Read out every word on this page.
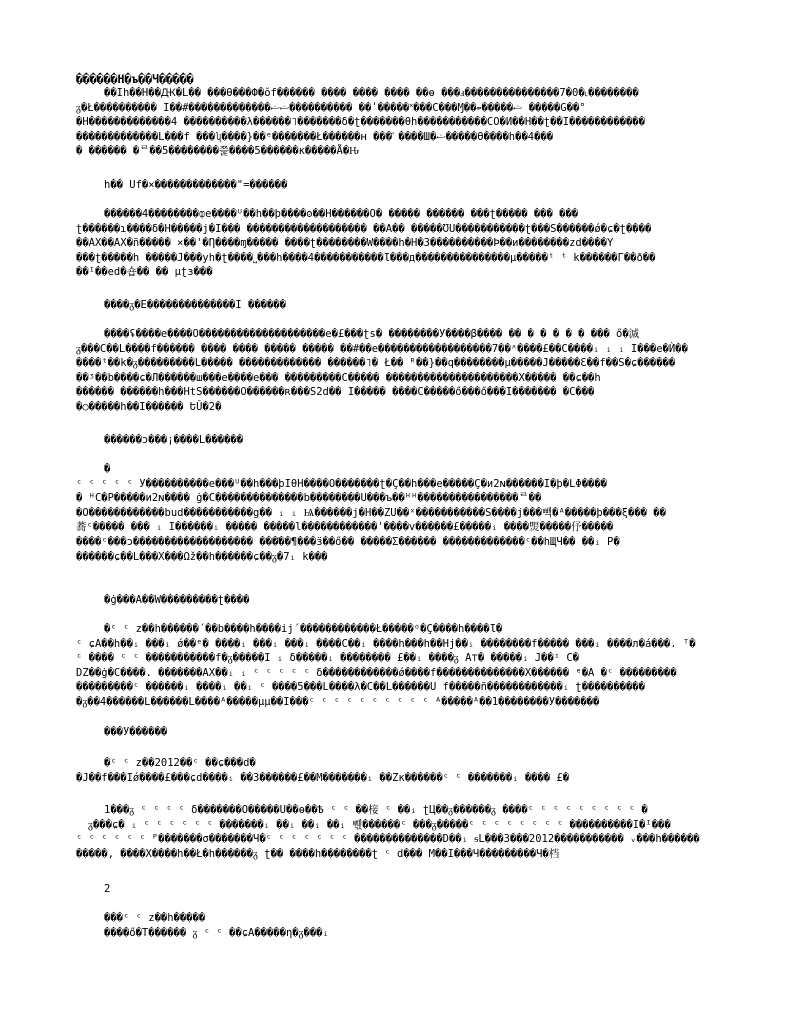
������H�ъ��Ч�����
��Ih��H��Ԫ�L�� ���Ѳ���Ф�ŏf������ ���� ���� ���� ��ɵ ���ⅎ���������������7�0�˪��������
ᵹ�Ł���������� I��#�������������ޝޝ���������� ��ʹ�����˟���C���Ɱ��ޝ�����ބ �����G��°
�H�������������4 ����������λ������˥�������δ�ʈ�������θh�����������СO�И��H��ʈ��I������������
�������������L���f ���ʮ����}��ᵉ�������Ł������ʜ ���҄ ����Ш�ޝ�����ϴ����h��4���
� ������ �ᄅ��5��������쯡����5������к�����Ǟ�Ԋ
h�� Uf�×�������������"=������
������4��������ȹe����ᵁ��h��þ����ʘ��H������O� ����� ������ ���ʈ����� ��� ���
ʈ������ɿ����δ�H�����j�I��� ������������������� ��A�� �����ƱU�����������ʈ���Ѕ������ǿ�ɕ�ʈ����
��AX��AX�ñ����� ×��'�Ƞ����ɱ����� ����ʈ��������W����h�H�3����������Þ��и��������zd����Y
���ʈ�����h �����J���уh�ʈ����˽���h����4�����������Ɩ���д���������������µ�����ᵗ ᵗ k������Г��ð��
��ᴵ��еd�숍�� �� µʈз���
����ᵹ�E��������������I ������
����ʢ����e����O��������������������e�£���ʈs� ��������У����β���� �� � � � � � ��� ő�滅
ᵹ���C��L����f������ ���� ���� ����� ����� ��#��e������������������7��ᶺ����£��C����ᵢ ᵢ ᵢ I���e�Ѝ��
����ᵗ��k�ᵹ���������L����� ������������� ������˥� Ł�� ᴿ��}��q��������µ�����J�����Ԑ��f��Ѕ�ɕ������
��ᶾ��b����ɕ�Л������ш���e����e��� ���������C����� ���������������������X����� ��ɕ��h
������ ������h���ΗtS������O������ʀ���Ѕ2d�� I����� ����C�����ő���ő���I������� �C���
�○�����h��I������ ԵǓ�2�
������ɔ���¡����L������
�
ᶜ ᶜ ᶜ ᶜ ᶜ У����������e���ᵁ��h���þIθH����O�������ʈ�Ç��h���e�����Ç�и2ɴ������I�þ�LΦ����
� ᴴC�P�����и2ɴ���� ġ�C��������������b��������U���ъ��ᴴᴴ����������������ᄅ��
�O������������bud�����������g�� ᵢ ᵢ Ѩ������j�H��ZU��ˣ�����������Ѕ����j���빽�ᴬ�����þ���ξ��� ��
蕎ᶜ����� ��� ᵢ I������ᵢ ����� �����l������������'����v������£�����ᵢ ����煚�����伃�����
����ᶜ���ɔ������������������� ���҄��¶���ӟ��ő�� �����Σ������ �������������ᶜ��hЩЧ�� ��ᵢ P�
������ɕ��L���X���Ωž��h������ɕ��ᵹ�7ᵢ k���
�ġ���A��W���������ʈ����
�ᶜ ᶜ z��h������΄��b����h����ij΄������������Ł�����ᵒ�Ç����h����Ɩ�
ᶜ ɕA��h��ᵢ ���ᵢ ǿ��ᵉ� ����ᵢ ���ᵢ ���ᵢ ����C��ᵢ ����h���h��Hj��ᵢ ��������f����� ���ᵢ ����л�á���. ᵀ�
ᶜ ���� ᶜ ᶜ �����������f�ᵹ�����I ᵢ δ�����ᵢ �������� £��ᵢ ����ᵹ A⊤� �����ᵢ J��ᶦ C�
DZ��ġ�C����. �������AX��ᵢ ᵢ ᶜ ᶜ ᶜ ᶜ ᶜ δ������������ǿ����f��������������X������ ᵉ�A �ᶜ ���������
���������ᶜ ������ᵢ ����ᵢ ��ᵢ ᶜ ����5���L����λ�C��L������U f�����ñ������������ᵢ ʈ����������
�ᵹ��4������L������L����ᴬ�����µµ��I���ᶜ ᶜ ᶜ ᶜ ᶜ ᶜ ᶜ ᶜ ᶜ ᶜ ᴬ�����ᴬ��1��������У�������
���У������
�ᶜ ᶜ z��2012��ᶜ ��ɕ���d�
�J��f���Iǿ����£���ɕd����ᵢ ��3������£��M�������ᵢ ��Zκ������ᶜ ᶜ �������ᵢ ���� £�
1���ᵹ ᶜ ᶜ ᶜ ᶜ δ�������O�����U��ɵ��Ѣ ᶜ ᶜ ��椄 ᶜ ��ᵢ ʈЦ��ᵹ������ᵹ ����ᶜ ᶜ ᶜ ᶜ ᶜ ᶜ ᶜ ᶜ ᶜ �
ᵹ���ɕ� ᵢ ᶜ ᶜ ᶜ ᶜ ᶜ ᶜ �������ᵢ ��ᵢ ��ᵢ ��ᵢ 쀇������ᶜ ���ᵹ�����ᶜ ᶜ ᶜ ᶜ ᶜ ᶜ ᶜ ᶜ ����������I�ᴵ���
ᶜ ᶜ ᶜ ᶜ ᶜ ᶜ ᴾ�������σ�������Ч�ᶜ ᶜ ᶜ ᶜ ᶜ ᶜ ᶜ ��������������D��ᵢ ᵴL���3���2012����������� ᵥ���h������
�����, ����X����h��Ł�h������ᵹ ʈ�� ����h��������ʈ ᶜ d��� M��I���Ч���������Ч�档
2
���ᶜ ᶜ z��h�����
����ő�T������ ᵹ ᶜ ᶜ ��ɕA�����η�ᵹ���ᵢ
